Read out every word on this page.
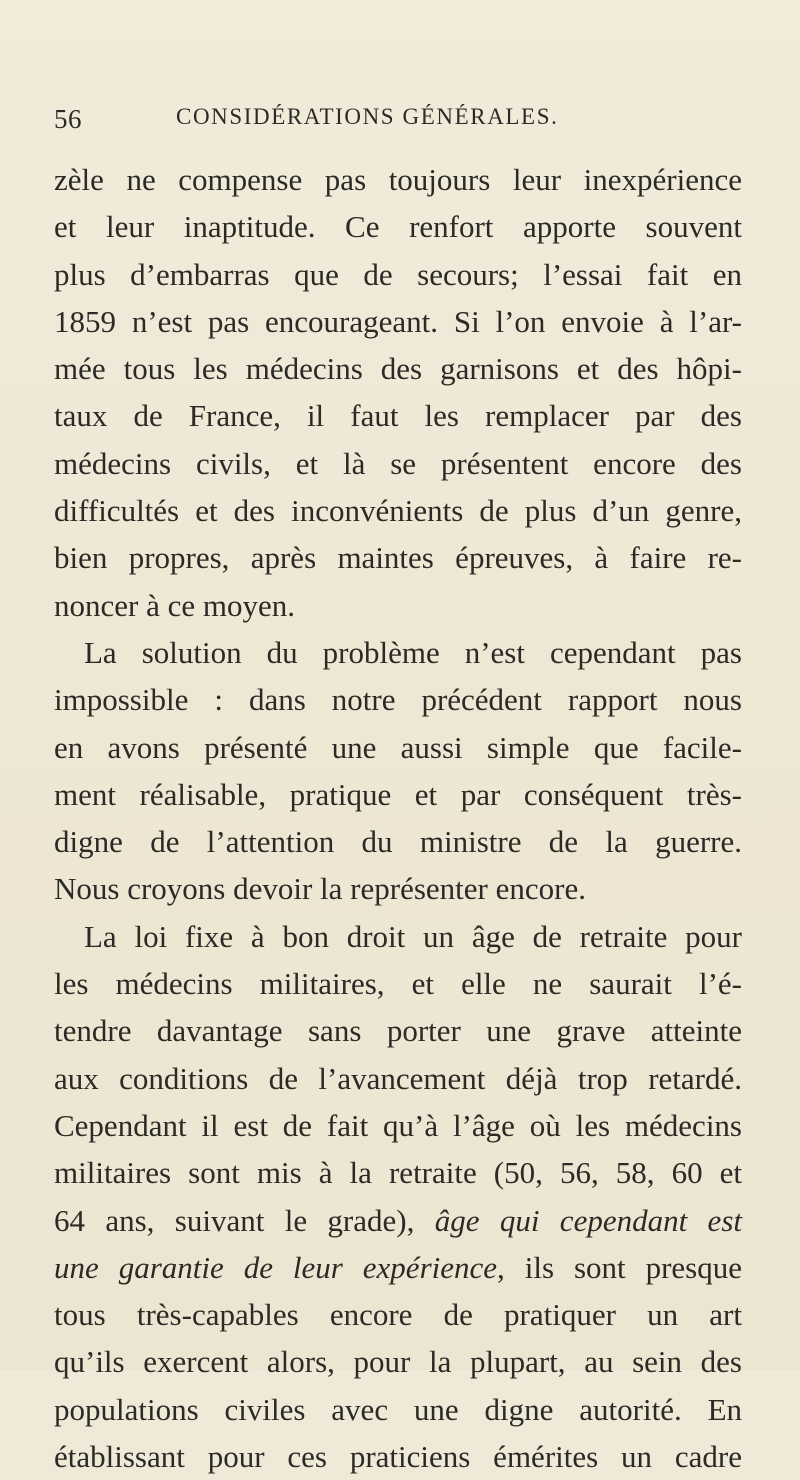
56	CONSIDÉRATIONS GÉNÉRALES.
zèle ne compense pas toujours leur inexpérience
et leur inaptitude. Ce renfort apporte souvent
plus d’embarras que de secours; l’essai fait en
1859 n’est pas encourageant. Si l’on envoie à l’ar-
mée tous les médecins des garnisons et des hôpi-
taux de France, il faut les remplacer par des
médecins civils, et là se présentent encore des
difficultés et des inconvénients de plus d’un genre,
bien propres, après maintes épreuves, à faire re-
noncer à ce moyen.
La solution du problème n’est cependant pas
impossible : dans notre précédent rapport nous
en avons présenté une aussi simple que facile-
ment réalisable, pratique et par conséquent très-
digne de l’attention du ministre de la guerre.
Nous croyons devoir la représenter encore.
La loi fixe à bon droit un âge de retraite pour
les médecins militaires, et elle ne saurait l’é-
tendre davantage sans porter une grave atteinte
aux conditions de l’avancement déjà trop retardé.
Cependant il est de fait qu’à l’âge où les médecins
militaires sont mis à la retraite (50, 56, 58, 60 et
64 ans, suivant le grade), âge qui cependant est
une garantie de leur expérience, ils sont presque
tous très-capables encore de pratiquer un art
qu’ils exercent alors, pour la plupart, au sein des
populations civiles avec une digne autorité. En
établissant pour ces praticiens émérites un cadre
